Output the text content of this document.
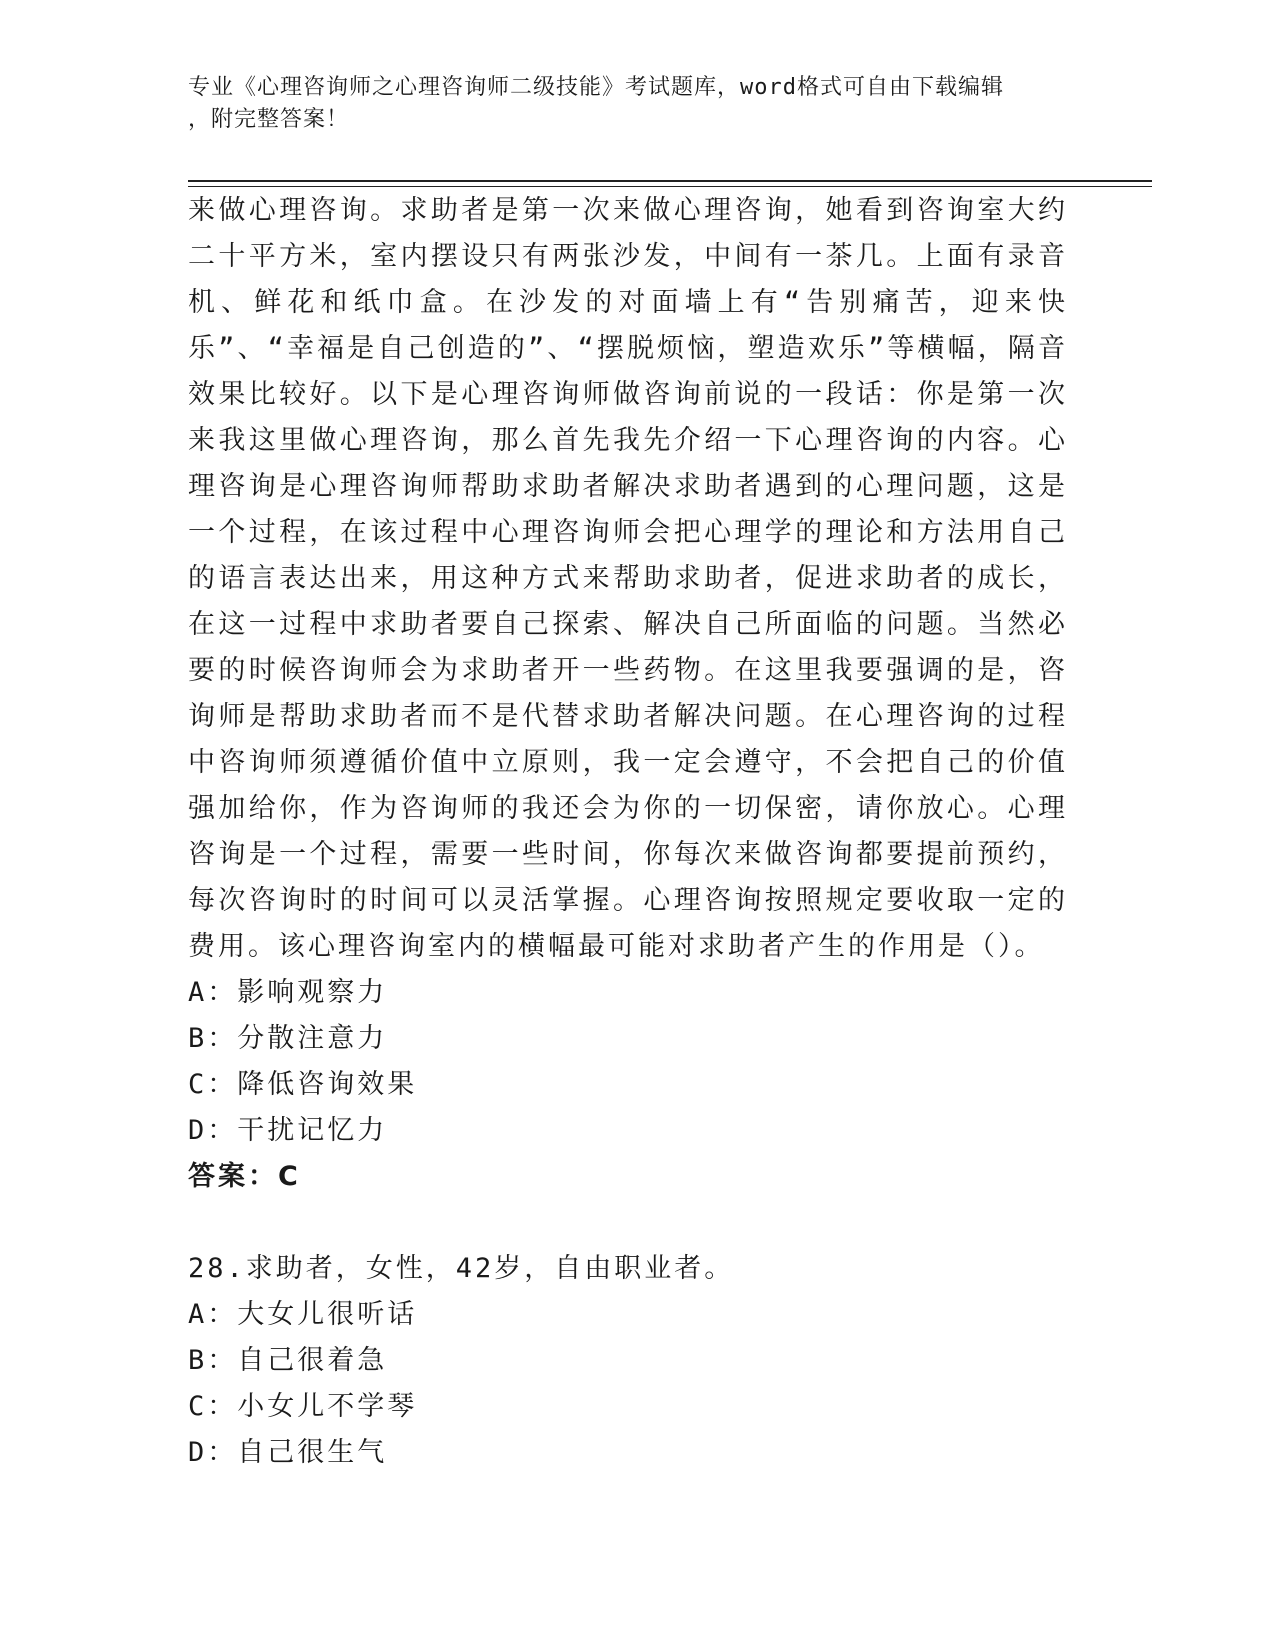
专业《心理咨询师之心理咨询师二级技能》考试题库，word格式可自由下载编辑
，附完整答案！

来做心理咨询。求助者是第一次来做心理咨询，她看到咨询室大约二十平方米，室内摆设只有两张沙发，中间有一茶几。上面有录音机、鲜花和纸巾盒。在沙发的对面墙上有“告别痛苦，迎来快乐”、“幸福是自己创造的”、“摆脱烦恼，塑造欢乐”等横幅，隔音效果比较好。以下是心理咨询师做咨询前说的一段话：你是第一次来我这里做心理咨询，那么首先我先介绍一下心理咨询的内容。心理咨询是心理咨询师帮助求助者解决求助者遇到的心理问题，这是一个过程，在该过程中心理咨询师会把心理学的理论和方法用自己的语言表达出来，用这种方式来帮助求助者，促进求助者的成长，在这一过程中求助者要自己探索、解决自己所面临的问题。当然必要的时候咨询师会为求助者开一些药物。在这里我要强调的是，咨询师是帮助求助者而不是代替求助者解决问题。在心理咨询的过程中咨询师须遵循价值中立原则，我一定会遵守，不会把自己的价值强加给你，作为咨询师的我还会为你的一切保密，请你放心。心理咨询是一个过程，需要一些时间，你每次来做咨询都要提前预约，每次咨询时的时间可以灵活掌握。心理咨询按照规定要收取一定的费用。该心理咨询室内的横幅最可能对求助者产生的作用是（）。

A：影响观察力

B：分散注意力

C：降低咨询效果

D：干扰记忆力

答案：C

28.求助者，女性，42岁，自由职业者。

A：大女儿很听话

B：自己很着急

C：小女儿不学琴

D：自己很生气
